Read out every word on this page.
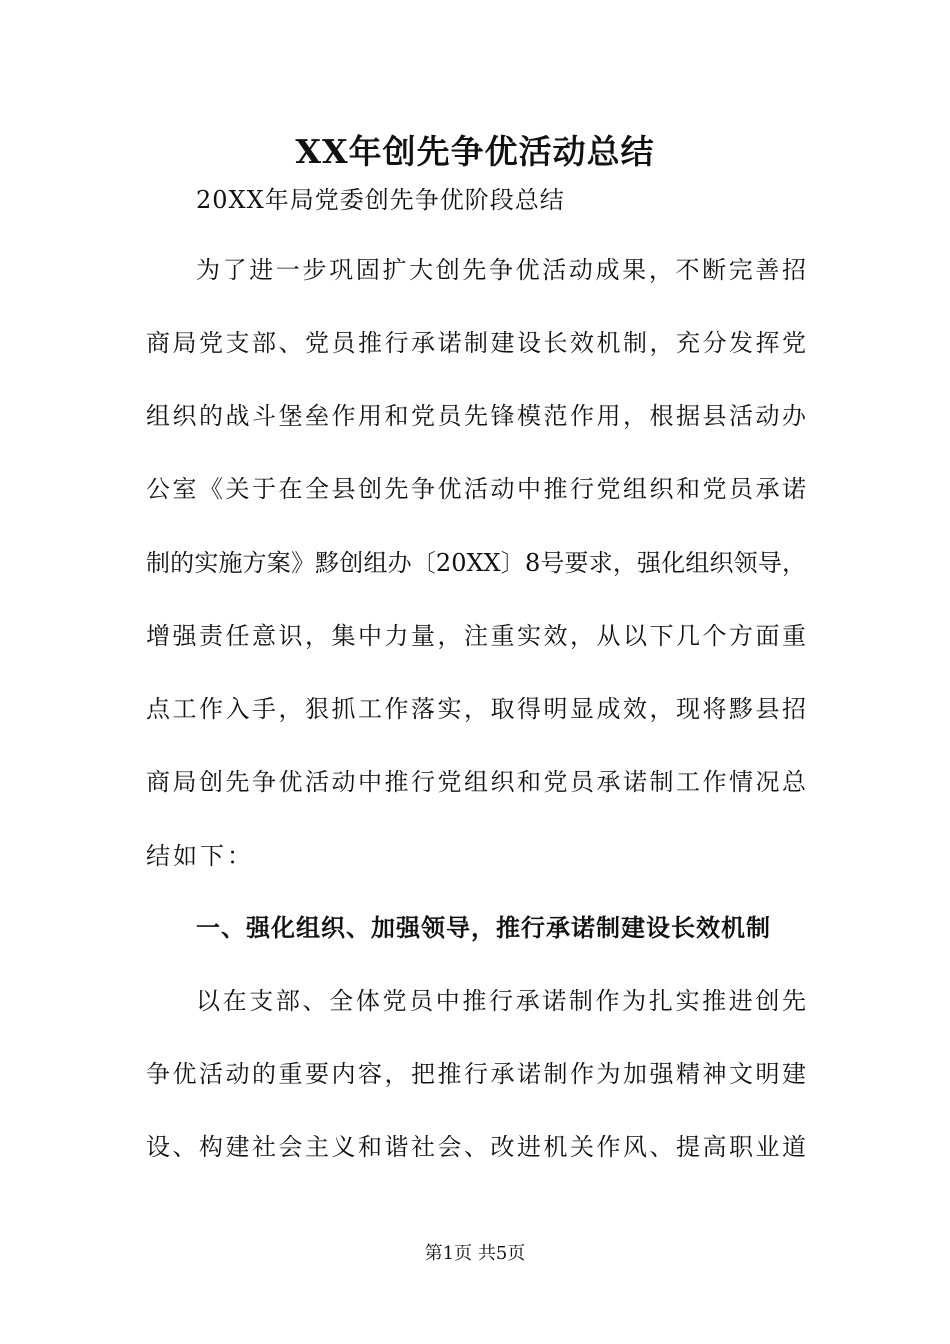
XX年创先争优活动总结
20XX年局党委创先争优阶段总结
为了进一步巩固扩大创先争优活动成果，不断完善招
商局党支部、党员推行承诺制建设长效机制，充分发挥党
组织的战斗堡垒作用和党员先锋模范作用，根据县活动办
公室《关于在全县创先争优活动中推行党组织和党员承诺
制的实施方案》黟创组办〔20XX〕8号要求，强化组织领导，
增强责任意识，集中力量，注重实效，从以下几个方面重
点工作入手，狠抓工作落实，取得明显成效，现将黟县招
商局创先争优活动中推行党组织和党员承诺制工作情况总
结如下：
一、强化组织、加强领导，推行承诺制建设长效机制
以在支部、全体党员中推行承诺制作为扎实推进创先
争优活动的重要内容，把推行承诺制作为加强精神文明建
设、构建社会主义和谐社会、改进机关作风、提高职业道
第1页 共5页
